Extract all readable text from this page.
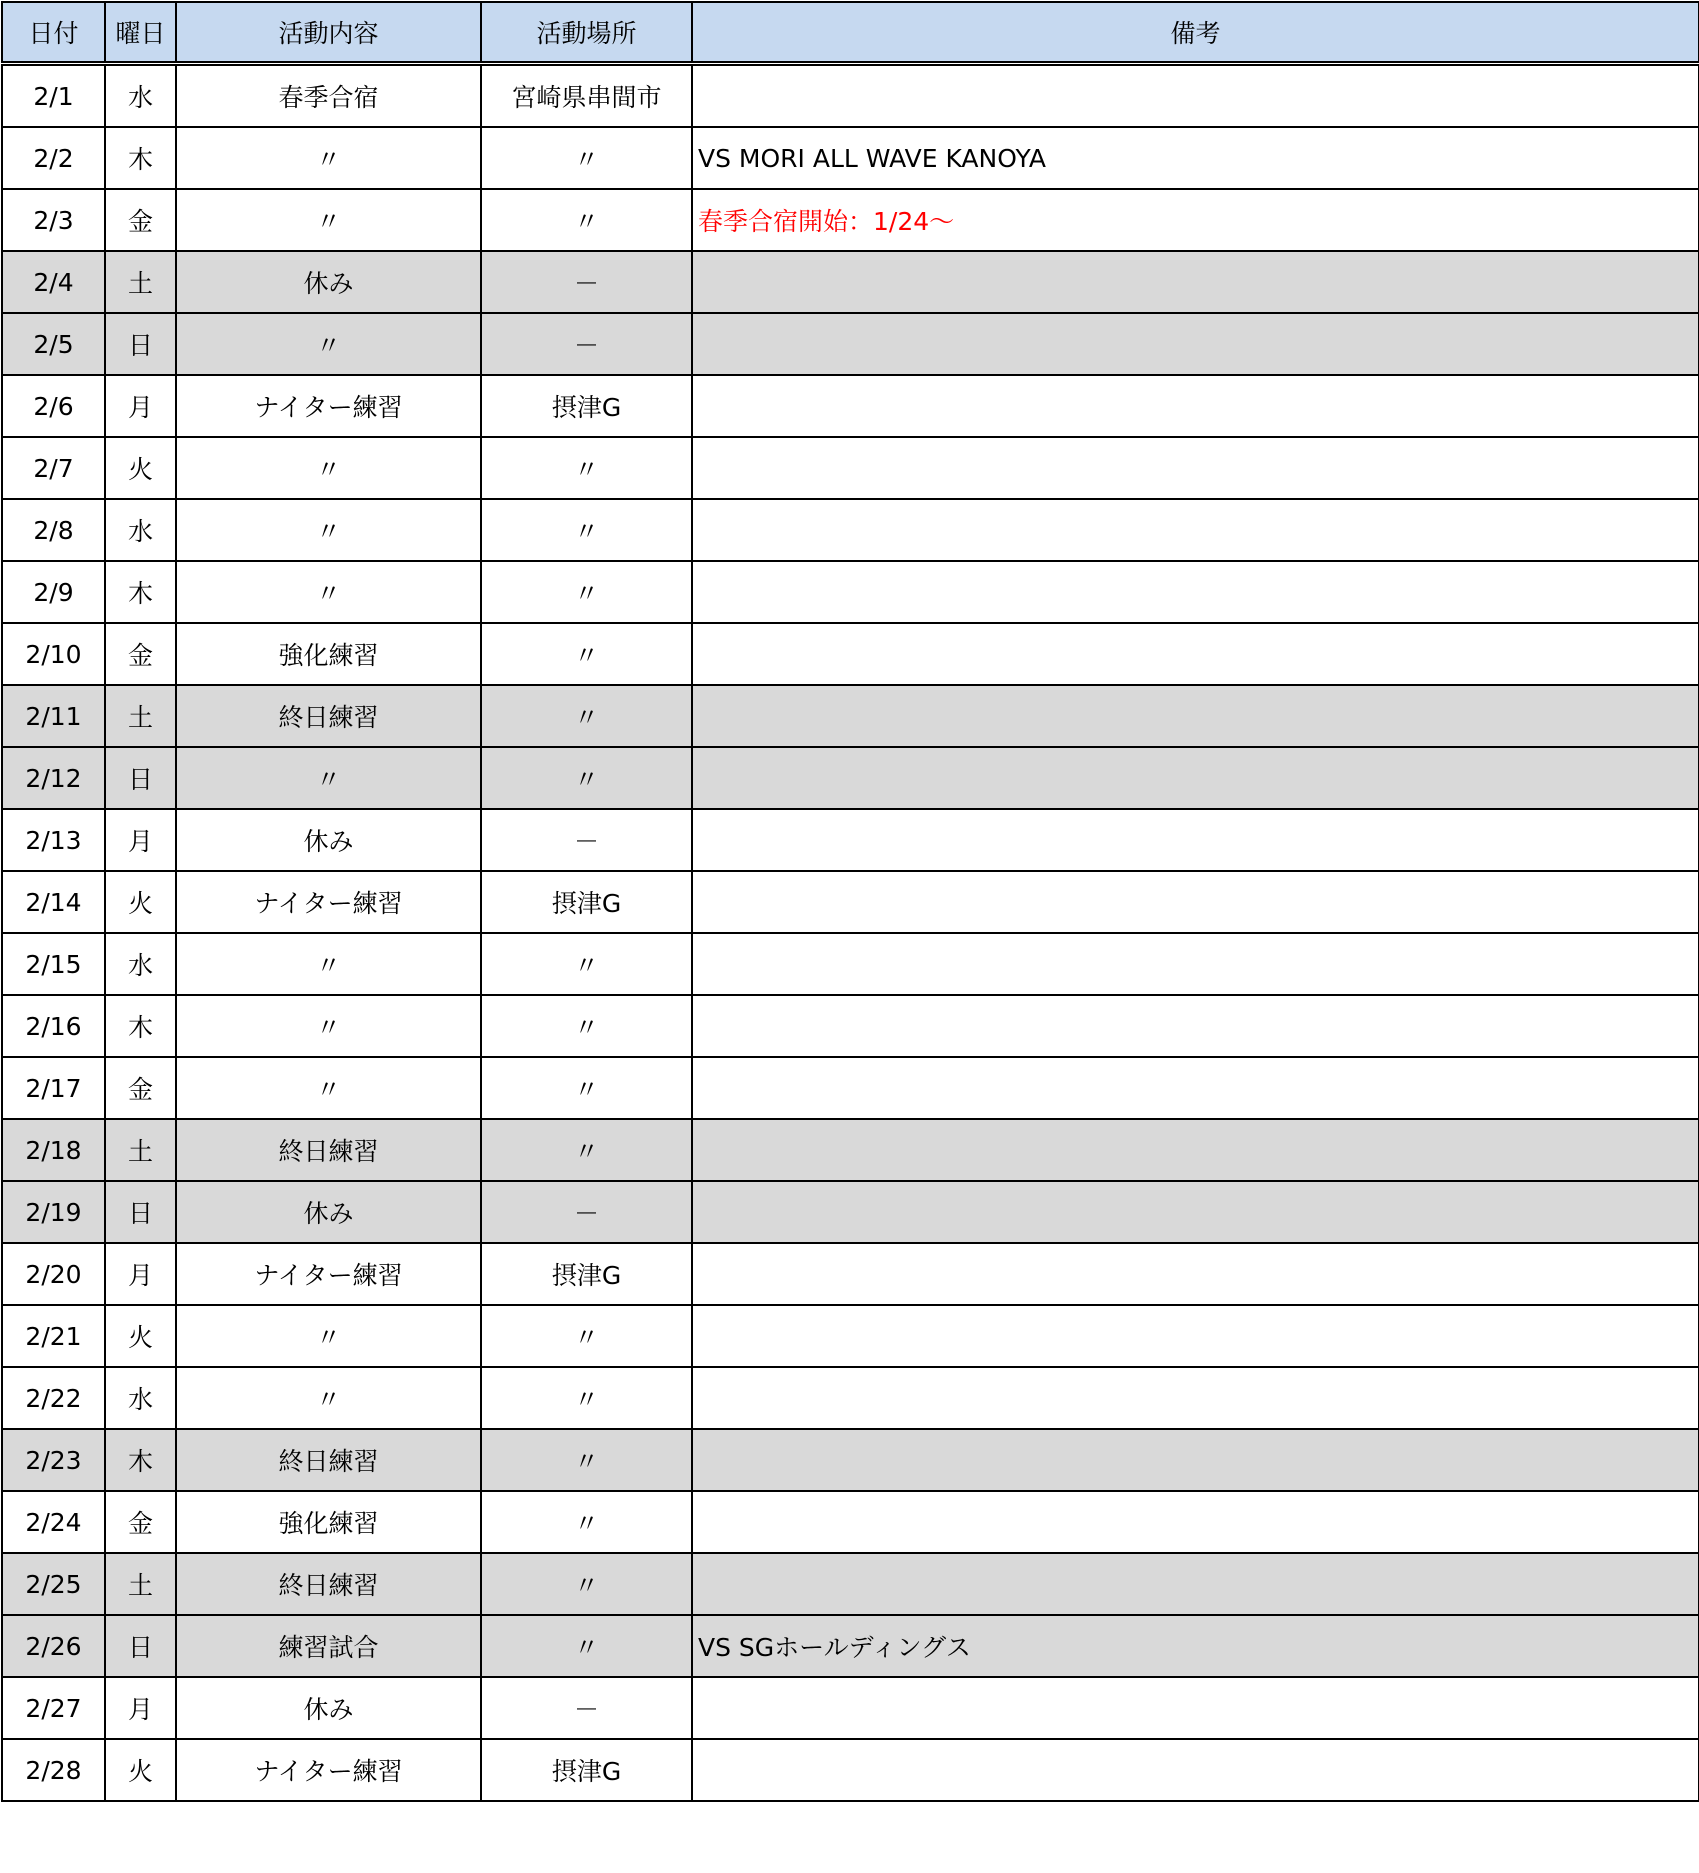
日付	曜日	活動内容	活動場所	備考
2/1	水	春季合宿	宮崎県串間市	
2/2	木	〃	〃	VS MORI ALL WAVE KANOYA
2/3	金	〃	〃	春季合宿開始：1/24～
2/4	土	休み	－	
2/5	日	〃	－	
2/6	月	ナイター練習	摂津G	
2/7	火	〃	〃	
2/8	水	〃	〃	
2/9	木	〃	〃	
2/10	金	強化練習	〃	
2/11	土	終日練習	〃	
2/12	日	〃	〃	
2/13	月	休み	－	
2/14	火	ナイター練習	摂津G	
2/15	水	〃	〃	
2/16	木	〃	〃	
2/17	金	〃	〃	
2/18	土	終日練習	〃	
2/19	日	休み	－	
2/20	月	ナイター練習	摂津G	
2/21	火	〃	〃	
2/22	水	〃	〃	
2/23	木	終日練習	〃	
2/24	金	強化練習	〃	
2/25	土	終日練習	〃	
2/26	日	練習試合	〃	VS SGホールディングス
2/27	月	休み	－	
2/28	火	ナイター練習	摂津G	
